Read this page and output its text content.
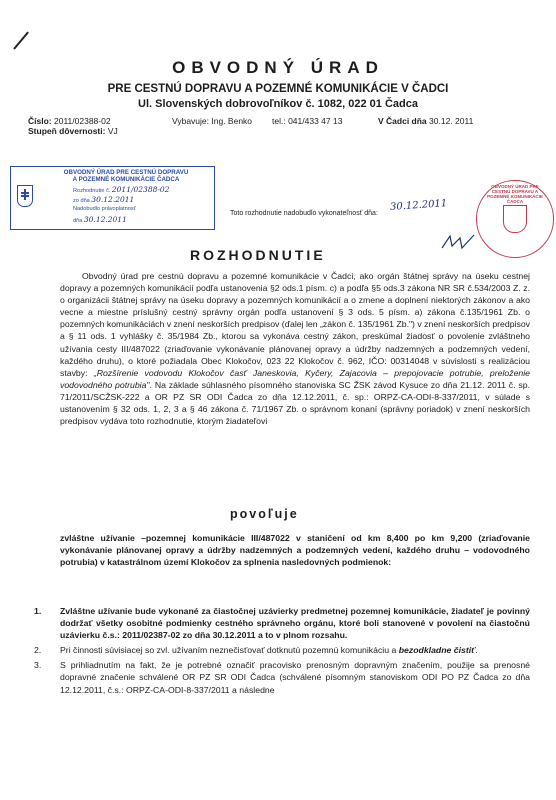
OBVODNÝ ÚRAD
PRE CESTNÚ DOPRAVU A POZEMNÉ KOMUNIKÁCIE V ČADCI
Ul. Slovenských dobrovoľníkov č. 1082, 022 01 Čadca
Číslo: 2011/02388-02
Stupeň dôvernosti: VJ
Vybavuje: Ing. Benko tel.: 041/433 47 13	V Čadci dňa 30.12. 2011
OBVODNÝ ÚRAD PRE CESTNÚ DOPRAVU
A POZEMNÉ KOMUNIKÁCIE ČADCA
Rozhodnutie č. 2011/02388-02
zo dňa 30.12.2011
Nadobudlo právoplatnosť
dňa 30.12.2011
Toto rozhodnutie nadobudlo vykonateľnosť dňa:
30.12.2011
OBVODNÝ ÚRAD PRE CESTNÚ DOPRAVU A POZEMNÉ KOMUNIKÁCIE ČADCA
ROZHODNUTIE
Obvodný úrad pre cestnú dopravu a pozemné komunikácie v Čadci, ako orgán štátnej správy na úseku cestnej dopravy a pozemných komunikácií podľa ustanovenia §2 ods.1 písm. c) a podľa §5 ods.3 zákona NR SR č.534/2003 Z. z. o organizácii štátnej správy na úseku dopravy a pozemných komunikácií a o zmene a doplnení niektorých zákonov a ako vecne a miestne príslušný cestný správny orgán podľa ustanovení § 3 ods. 5 písm. a) zákona č.135/1961 Zb. o pozemných komunikáciách v znení neskorších predpisov (ďalej len „zákon č. 135/1961 Zb.") v znení neskorších predpisov a § 11 ods. 1 vyhlášky č. 35/1984 Zb., ktorou sa vykonáva cestný zákon, preskúmal žiadosť o povolenie zvláštneho užívania cesty III/487022 (zriaďovanie vykonávanie plánovanej opravy a údržby nadzemných a podzemných vedení, každého druhu), o ktoré požiadala Obec Klokočov, 023 22 Klokočov č. 962, IČO: 00314048 v súvislosti s realizáciou stavby: „Rozšírenie vodovodu Klokočov časť Janeskovia, Kyčery, Zajacovia – prepojovacie potrubie, preloženie vodovodného potrubia". Na základe súhlasného písomného stanoviska SC ŽSK závod Kysuce zo dňa 21.12. 2011 č. sp. 71/2011/SCŽSK-222 a OR PZ SR ODI Čadca zo dňa 12.12.2011, č. sp.: ORPZ-CA-ODI-8-337/2011, v súlade s ustanovením § 32 ods. 1, 2, 3 a § 46 zákona č. 71/1967 Zb. o správnom konaní (správny poriadok) v znení neskorších predpisov vydáva toto rozhodnutie, ktorým žiadateľovi
povoľuje
zvláštne užívanie –pozemnej komunikácie III/487022 v staničení od km 8,400 po km 9,200 (zriaďovanie vykonávanie plánovanej opravy a údržby nadzemných a podzemných vedení, každého druhu – vodovodného potrubia) v katastrálnom území Klokočov za splnenia nasledovných podmienok:
1. Zvláštne užívanie bude vykonané za čiastočnej uzávierky predmetnej pozemnej komunikácie, žiadateľ je povinný dodržať všetky osobitné podmienky cestného správneho orgánu, ktoré boli stanovené v povolení na čiastočnú uzávierku č.s.: 2011/02387-02 zo dňa 30.12.2011 a to v plnom rozsahu.
2. Pri činnosti súvisiacej so zvl. užívaním neznečisťovať dotknutú pozemnú komunikáciu a bezodkladne čistiť.
3. S prihliadnutím na fakt, že je potrebné označiť pracovisko prenosným dopravným značením, použije sa prenosné dopravné značenie schválené OR PZ SR ODI Čadca (schválené písomným stanoviskom ODI PO PZ Čadca zo dňa 12.12.2011, č.s.: ORPZ-CA-ODI-8-337/2011 a následne
